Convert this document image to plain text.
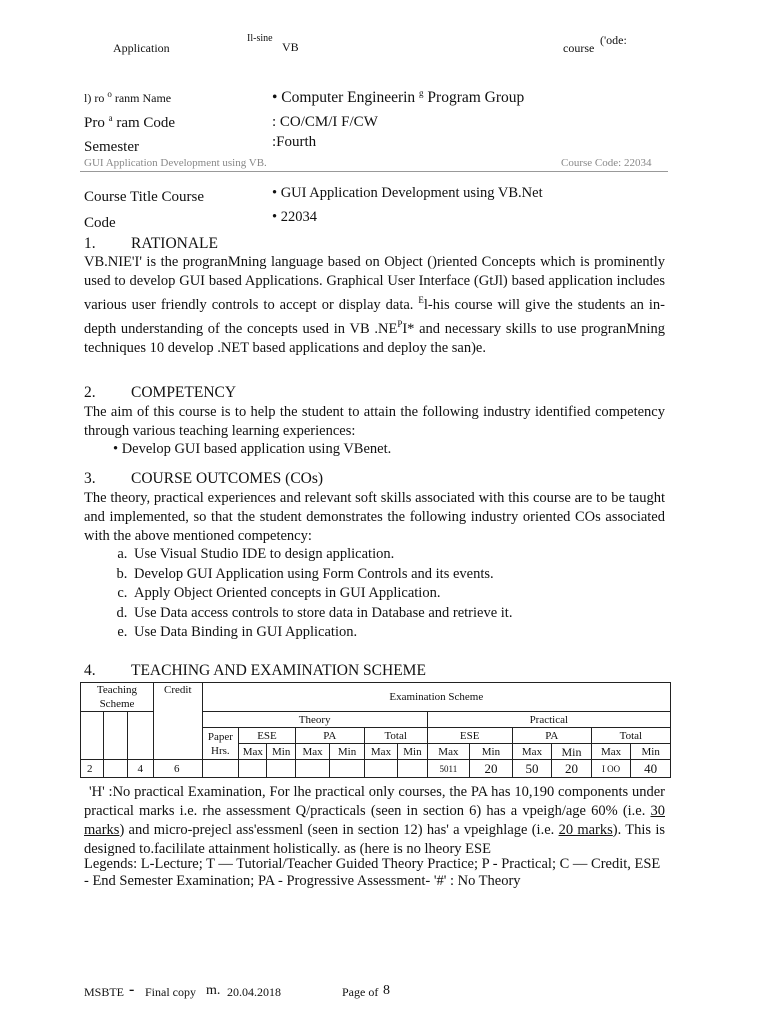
Application
Il-sine
VB	course
('ode:
l) ro $^o$ ranm Name	• Computer Engineerin $^g$ Program Group
Pro $^a$ ram Code	: CO/CM/I F/CW
Semester	:Fourth
GUI Application Development using VB.	Course Code: 22034
Course Title Course
Code
• GUI Application Development using VB.Net
• 22034
1. RATIONALE
VB.NIE'I' is the progranMning language based on Object ()riented Concepts which is prominently used to develop GUI based Applications. Graphical User Interface (GtJl) based application includes various user friendly controls to accept or display data. $^E$l-his course will give the students an in-depth understanding of the concepts used in VB $.NE^PI*$ and necessary skills to use progranMning techniques 10 develop .NET based applications and deploy the san)e.
2. COMPETENCY
The aim of this course is to help the student to attain the following industry identified competency through various teaching learning experiences:
• Develop GUI based application using VBenet.
3. COURSE OUTCOMES (COs)
The theory, practical experiences and relevant soft skills associated with this course are to be taught and implemented, so that the student demonstrates the following industry oriented COs associated with the above mentioned competency:
a. Use Visual Studio IDE to design application.
b. Develop GUI Application using Form Controls and its events.
c. Apply Object Oriented concepts in GUI Application.
d. Use Data access controls to store data in Database and retrieve it.
e. Use Data Binding in GUI Application.
4. TEACHING AND EXAMINATION SCHEME
Teaching Scheme			Credit	Examination Scheme												

				Theory							Practical					
				Paper Hrs.	ESE		PA		Total		ESE		PA		Total	
					Max	Min	Max	Min	Max	Min	Max	Min	Max	Min	Max	Min
2		4	6								5011	20	50	20	I OO	40
'H' :No practical Examination, For lhe practical only courses, the PA has 10,190 components under practical marks i.e. rhe assessment Q/practicals (seen in section 6) has a vpeigh/age 60% (i.e. 30 marks) and micro-prejecl ass'essmenl (seen in section 12) has' a vpeighlage (i.e. 20 marks). This is designed to.facililate attainment holistically. as (here is no lheory ESE
Legends: L-Lecture; T — Tutorial/Teacher Guided Theory Practice; P - Practical; C — Credit, ESE - End Semester Examination; PA - Progressive Assessment- '#' : No Theory
MSBTE - Final copy m. 20.04.2018	Page of 8
